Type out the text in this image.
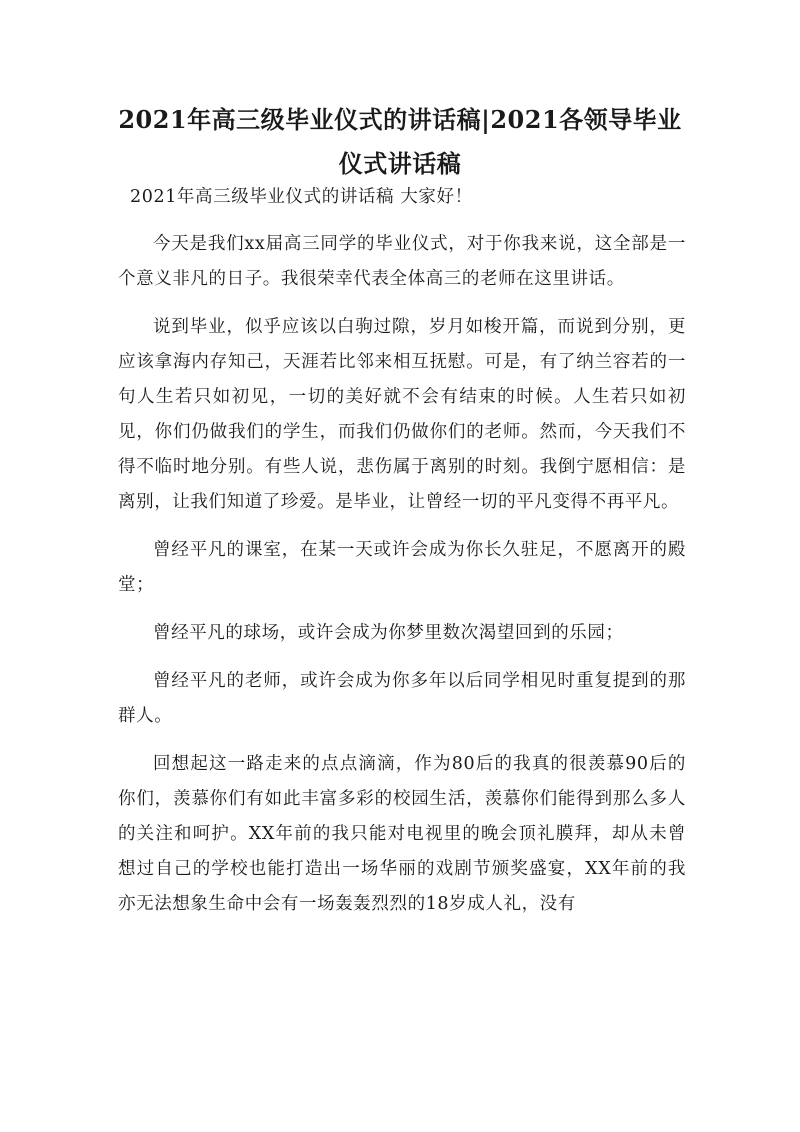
2021年高三级毕业仪式的讲话稿|2021各领导毕业仪式讲话稿

2021年高三级毕业仪式的讲话稿 大家好！

今天是我们xx届高三同学的毕业仪式，对于你我来说，这全部是一个意义非凡的日子。我很荣幸代表全体高三的老师在这里讲话。

说到毕业，似乎应该以白驹过隙，岁月如梭开篇，而说到分别，更应该拿海内存知己，天涯若比邻来相互抚慰。可是，有了纳兰容若的一句人生若只如初见，一切的美好就不会有结束的时候。人生若只如初见，你们仍做我们的学生，而我们仍做你们的老师。然而，今天我们不得不临时地分别。有些人说，悲伤属于离别的时刻。我倒宁愿相信：是离别，让我们知道了珍爱。是毕业，让曾经一切的平凡变得不再平凡。

曾经平凡的课室，在某一天或许会成为你长久驻足，不愿离开的殿堂；

曾经平凡的球场，或许会成为你梦里数次渴望回到的乐园；

曾经平凡的老师，或许会成为你多年以后同学相见时重复提到的那群人。

回想起这一路走来的点点滴滴，作为80后的我真的很羡慕90后的你们，羡慕你们有如此丰富多彩的校园生活，羡慕你们能得到那么多人的关注和呵护。XX年前的我只能对电视里的晚会顶礼膜拜，却从未曾想过自己的学校也能打造出一场华丽的戏剧节颁奖盛宴，XX年前的我亦无法想象生命中会有一场轰轰烈烈的18岁成人礼，没有
